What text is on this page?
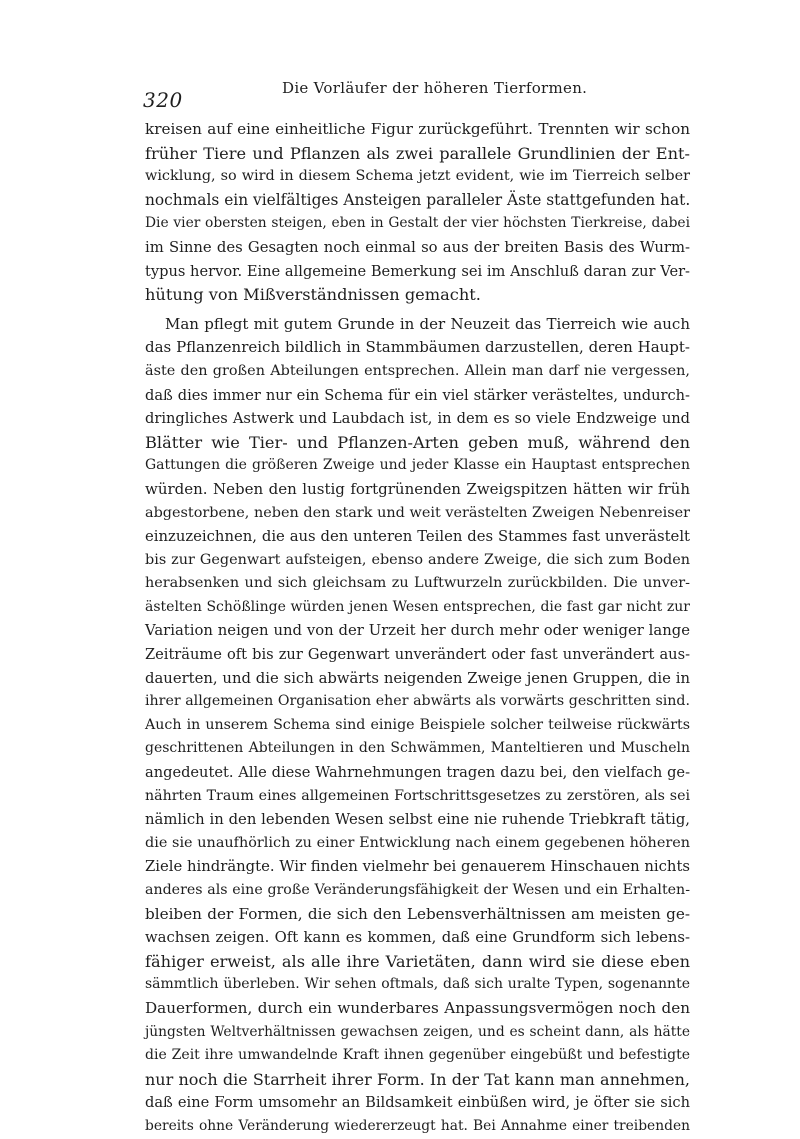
320	Die Vorläufer der höheren Tierformen.
kreisen auf eine einheitliche Figur zurückgeführt. Trennten wir schon
früher Tiere und Pflanzen als zwei parallele Grundlinien der Ent-
wicklung, so wird in diesem Schema jetzt evident, wie im Tierreich selber
nochmals ein vielfältiges Ansteigen paralleler Äste stattgefunden hat.
Die vier obersten steigen, eben in Gestalt der vier höchsten Tierkreise, dabei
im Sinne des Gesagten noch einmal so aus der breiten Basis des Wurm-
typus hervor. Eine allgemeine Bemerkung sei im Anschluß daran zur Ver-
hütung von Mißverständnissen gemacht.
Man pflegt mit gutem Grunde in der Neuzeit das Tierreich wie auch
das Pflanzenreich bildlich in Stammbäumen darzustellen, deren Haupt-
äste den großen Abteilungen entsprechen. Allein man darf nie vergessen,
daß dies immer nur ein Schema für ein viel stärker verästeltes, undurch-
dringliches Astwerk und Laubdach ist, in dem es so viele Endzweige und
Blätter wie Tier- und Pflanzen-Arten geben muß, während den
Gattungen die größeren Zweige und jeder Klasse ein Hauptast entsprechen
würden. Neben den lustig fortgrünenden Zweigspitzen hätten wir früh
abgestorbene, neben den stark und weit verästelten Zweigen Nebenreiser
einzuzeichnen, die aus den unteren Teilen des Stammes fast unverästelt
bis zur Gegenwart aufsteigen, ebenso andere Zweige, die sich zum Boden
herabsenken und sich gleichsam zu Luftwurzeln zurückbilden. Die unver-
ästelten Schößlinge würden jenen Wesen entsprechen, die fast gar nicht zur
Variation neigen und von der Urzeit her durch mehr oder weniger lange
Zeiträume oft bis zur Gegenwart unverändert oder fast unverändert aus-
dauerten, und die sich abwärts neigenden Zweige jenen Gruppen, die in
ihrer allgemeinen Organisation eher abwärts als vorwärts geschritten sind.
Auch in unserem Schema sind einige Beispiele solcher teilweise rückwärts
geschrittenen Abteilungen in den Schwämmen, Manteltieren und Muscheln
angedeutet. Alle diese Wahrnehmungen tragen dazu bei, den vielfach ge-
nährten Traum eines allgemeinen Fortschrittsgesetzes zu zerstören, als sei
nämlich in den lebenden Wesen selbst eine nie ruhende Triebkraft tätig,
die sie unaufhörlich zu einer Entwicklung nach einem gegebenen höheren
Ziele hindrängte. Wir finden vielmehr bei genauerem Hinschauen nichts
anderes als eine große Veränderungsfähigkeit der Wesen und ein Erhalten-
bleiben der Formen, die sich den Lebensverhältnissen am meisten ge-
wachsen zeigen. Oft kann es kommen, daß eine Grundform sich lebens-
fähiger erweist, als alle ihre Varietäten, dann wird sie diese eben
sämmtlich überleben. Wir sehen oftmals, daß sich uralte Typen, sogenannte
Dauerformen, durch ein wunderbares Anpassungsvermögen noch den
jüngsten Weltverhältnissen gewachsen zeigen, und es scheint dann, als hätte
die Zeit ihre umwandelnde Kraft ihnen gegenüber eingebüßt und befestigte
nur noch die Starrheit ihrer Form. In der Tat kann man annehmen,
daß eine Form umsomehr an Bildsamkeit einbüßen wird, je öfter sie sich
bereits ohne Veränderung wiedererzeugt hat. Bei Annahme einer treibenden
